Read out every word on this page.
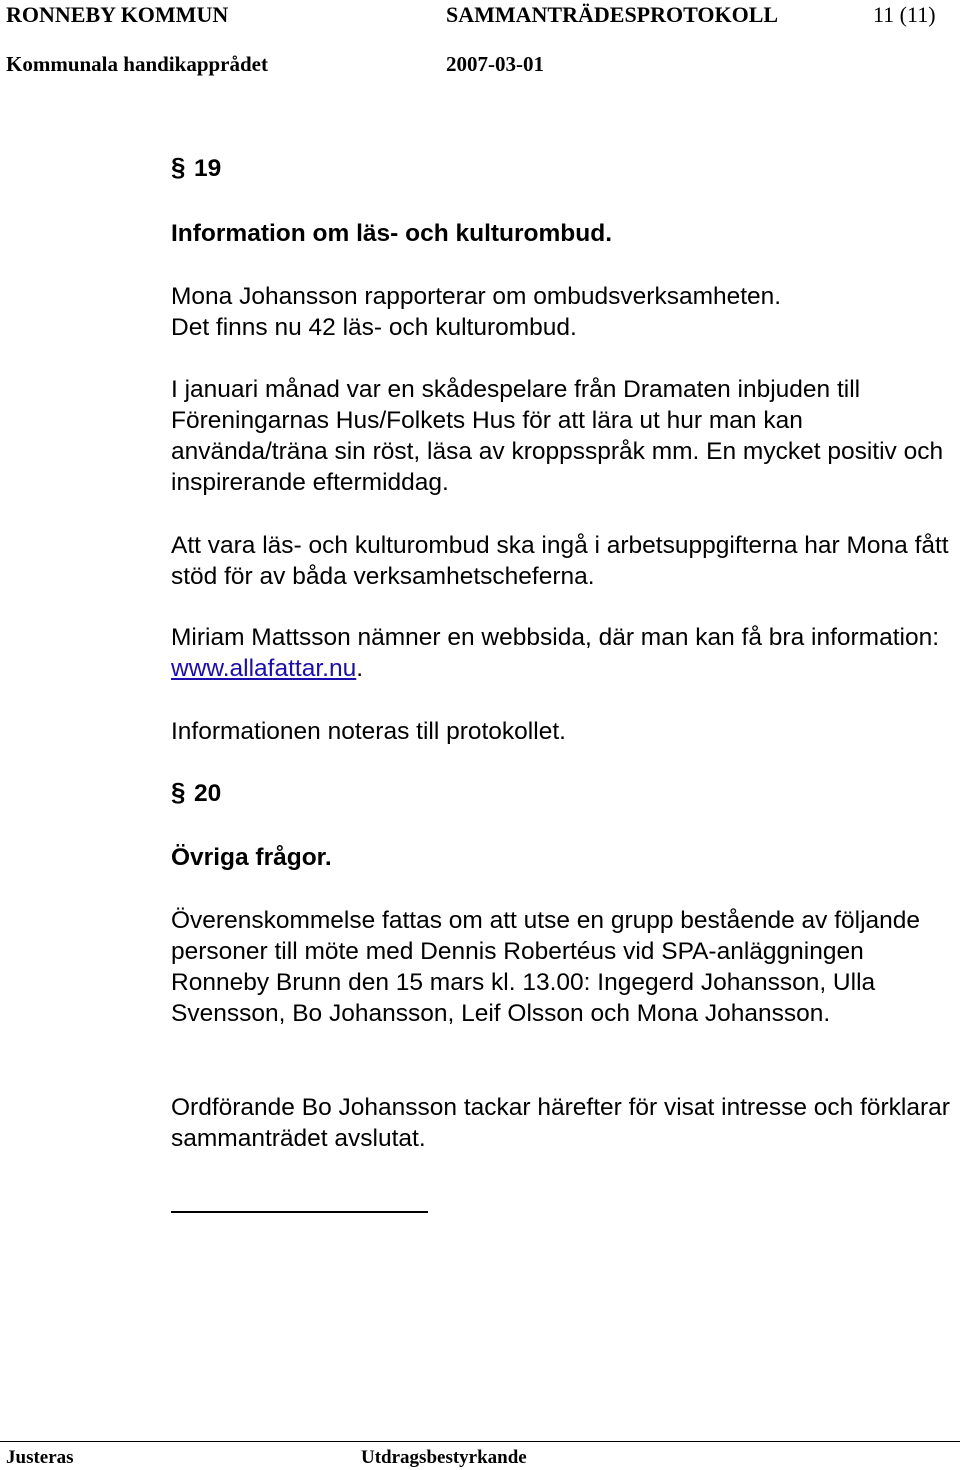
RONNEBY KOMMUN	SAMMANTRÄDESPROTOKOLL	11 (11)
Kommunala handikapprådet	2007-03-01
§ 19
Information om läs- och kulturombud.

Mona Johansson rapporterar om ombudsverksamheten.

Det finns nu 42 läs- och kulturombud.

I januari månad var en skådespelare från Dramaten inbjuden till Föreningarnas Hus/Folkets Hus för att lära ut hur man kan använda/träna sin röst, läsa av kroppsspråk mm. En mycket positiv och inspirerande eftermiddag.

Att vara läs- och kulturombud ska ingå i arbetsuppgifterna har Mona fått stöd för av båda verksamhetscheferna.

Miriam Mattsson nämner en webbsida, där man kan få bra information: www.allafattar.nu.

Informationen noteras till protokollet.

§ 20
Övriga frågor.

Överenskommelse fattas om att utse en grupp bestående av följande personer till möte med Dennis Robertéus vid SPA-anläggningen Ronneby Brunn den 15 mars kl. 13.00: Ingegerd Johansson, Ulla Svensson, Bo Johansson, Leif Olsson och Mona Johansson.

Ordförande Bo Johansson tackar härefter för visat intresse och förklarar sammanträdet avslutat.

Justeras	Utdragsbestyrkande
